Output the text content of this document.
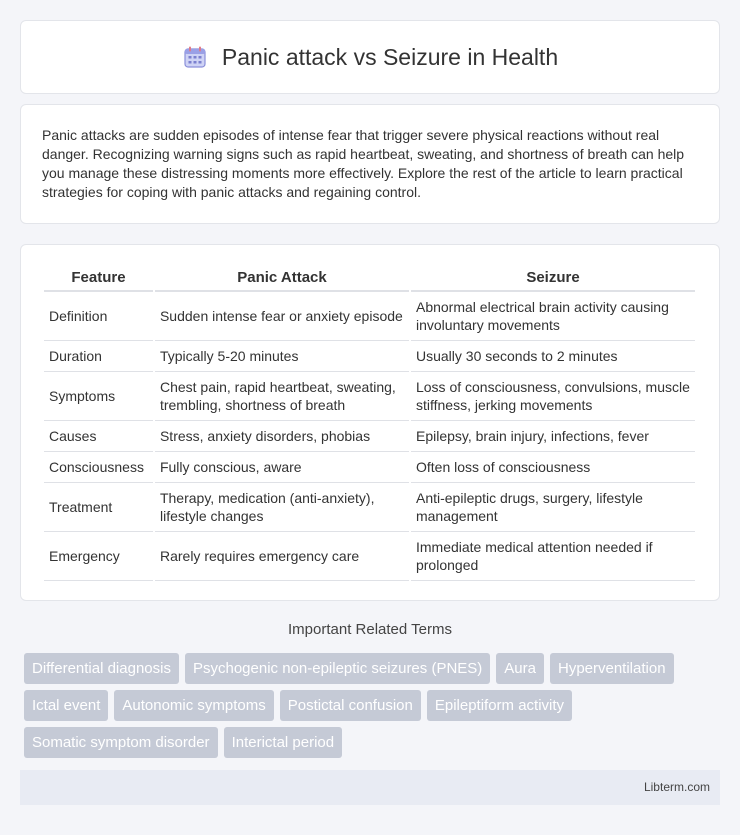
Panic attack vs Seizure in Health

Panic attacks are sudden episodes of intense fear that trigger severe physical reactions without real danger. Recognizing warning signs such as rapid heartbeat, sweating, and shortness of breath can help you manage these distressing moments more effectively. Explore the rest of the article to learn practical strategies for coping with panic attacks and regaining control.

Feature	Panic Attack	Seizure
Definition	Sudden intense fear or anxiety episode	Abnormal electrical brain activity causing involuntary movements
Duration	Typically 5-20 minutes	Usually 30 seconds to 2 minutes
Symptoms	Chest pain, rapid heartbeat, sweating, trembling, shortness of breath	Loss of consciousness, convulsions, muscle stiffness, jerking movements
Causes	Stress, anxiety disorders, phobias	Epilepsy, brain injury, infections, fever
Consciousness	Fully conscious, aware	Often loss of consciousness
Treatment	Therapy, medication (anti-anxiety), lifestyle changes	Anti-epileptic drugs, surgery, lifestyle management
Emergency	Rarely requires emergency care	Immediate medical attention needed if prolonged
Important Related Terms
Differential diagnosis	Psychogenic non-epileptic seizures (PNES)	Aura	Hyperventilation
Ictal event	Autonomic symptoms	Postictal confusion	Epileptiform activity
Somatic symptom disorder	Interictal period
Libterm.com
